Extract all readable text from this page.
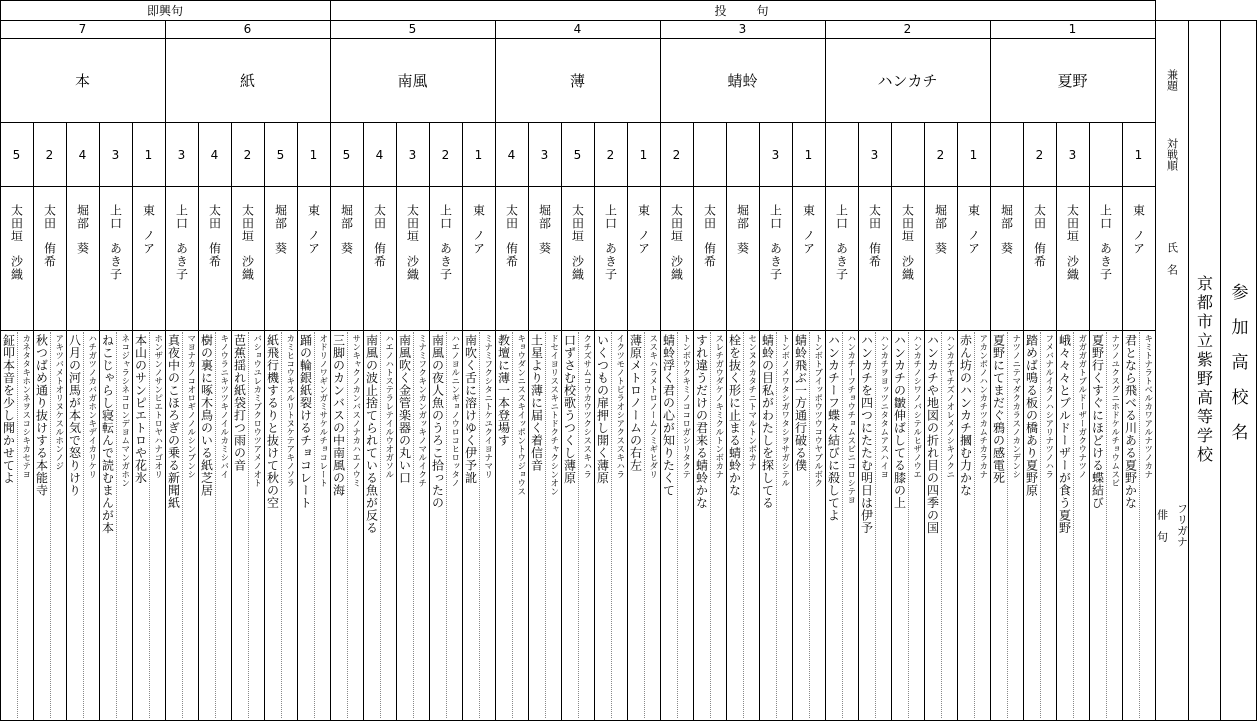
即興句	投　　句
兼題
対戦順
氏　名
フリガナ
俳　句
京都市立紫野高等学校 参加高校名
7
本
5
太田垣
沙織
カネタタキホンネヲスコシキカセテヨ
鉦叩本音を少し聞かせてよ
2
太田
侑希
アキツバメトオリヌケスルホンノジ
秋つばめ通り抜けする本能寺
4
堀部
葵
ハチガツノカバガホンキデイカリケリ
八月の河馬が本気で怒りけり
3
上口
あき子
ネコジャラシネコロンデヨムマンガホン
ねこじゃらし寝転んで読むまんが本
1
東
ノア
ホンザンノサンピエトロヤハナゴオリ
本山のサンピエトロや花氷
6
紙
3
上口
あき子
マヨナカノコオロギノノルシンブンシ
真夜中のこほろぎの乗る新聞紙
4
太田
侑希
キノウラニキツツキノイルカミシバイ
樹の裏に啄木鳥のいる紙芝居
2
太田垣
沙織
バショウユレカミブクロウツアメノオト
芭蕉揺れ紙袋打つ雨の音
5
堀部
葵
カミヒコウキスルリトヌケテアキノソラ
紙飛行機するりと抜けて秋の空
1
東
ノア
オドリノワギンガミサケルチョコレート
踊の輪銀紙裂けるチョコレート
5
南風
5
堀部
葵
サンキャクノカンバスノナカハエノウミ
三脚のカンバスの中南風の海
4
太田
侑希
ハエノハトステラレテイルウオガソル
南風の波止捨てられている魚が反る
3
太田垣
沙織
ミナミフクキンカンガッキノマルイクチ
南風吹く金管楽器の丸い口
2
上口
あき子
ハエノヨルニンギョノウロコヒロッタノ
南風の夜人魚のうろこ拾ったの
1
東
ノア
ミナミフクシタニトケユクイヨナマリ
南吹く舌に溶けゆく伊予訛
4
薄
4
太田
侑希
キョウダンニススキイッポントウジョウス
教壇に薄一本登場す
3
堀部
葵
ドセイヨリススキニトドクチャクシンオン
土星より薄に届く着信音
5
太田垣
沙織
クチズサムコウカウツクシススキハラ
口ずさむ校歌うつくし薄原
2
上口
あき子
イクツモノトビラオシアクススキハラ
いくつもの扉押し開く薄原
1
東
ノア
ススキハラメトロノームノミギヒダリ
薄原メトロノームの右左
3
蜻蛉
2
太田垣
沙織
トンボウクキミノココロガシリタクテ
蜻蛉浮く君の心が知りたくて
太田
侑希
スレチガウダケノキミクルトンボカナ
すれ違うだけの君来る蜻蛉かな
堀部
葵
センヌクカタチニトマルトンボカナ
栓を抜く形に止まる蜻蛉かな
3
上口
あき子
トンボノメワタシガワタシヲサガシテル
蜻蛉の目私がわたしを探してる
1
東
ノア
トンボトブイッポウツウコウヤブルボク
蜻蛉飛ぶ一方通行破る僕
2
ハンカチ
上口
あき子
ハンカチーフチョウチョムスビニコロシテヨ
ハンカチーフ蝶々結びに殺してよ
3
太田
侑希
ハンカチヲヨッツニタタムアスハイヨ
ハンカチを四つにたたむ明日は伊予
太田垣
沙織
ハンカチノシワノバシテルヒザノウエ
ハンカチの皺伸ばしてる膝の上
2
堀部
葵
ハンカチヤチズノオレメノシキノクニ
ハンカチや地図の折れ目の四季の国
1
東
ノア
アカンボノハンカチツカムチカラカナ
赤ん坊のハンカチ摑む力かな
1
夏野
堀部
葵
ナツノニテマダクカラスノカンデンシ
夏野にてまだぐ鴉の感電死
2
太田
侑希
フメバナルイタノハシアリナツノハラ
踏めば鳴る板の橋あり夏野原
3
太田垣
沙織
ガガガガトブルドーザーガクウナツノ
峨々々々とブルドーザーが食う夏野
上口
あき子
ナツノユクスグニホドケルチョウムスビ
夏野行くすぐにほどける蝶結び
1
東
ノア
キミトナラトベルカワアルナツノカナ
君となら飛べる川ある夏野かな
